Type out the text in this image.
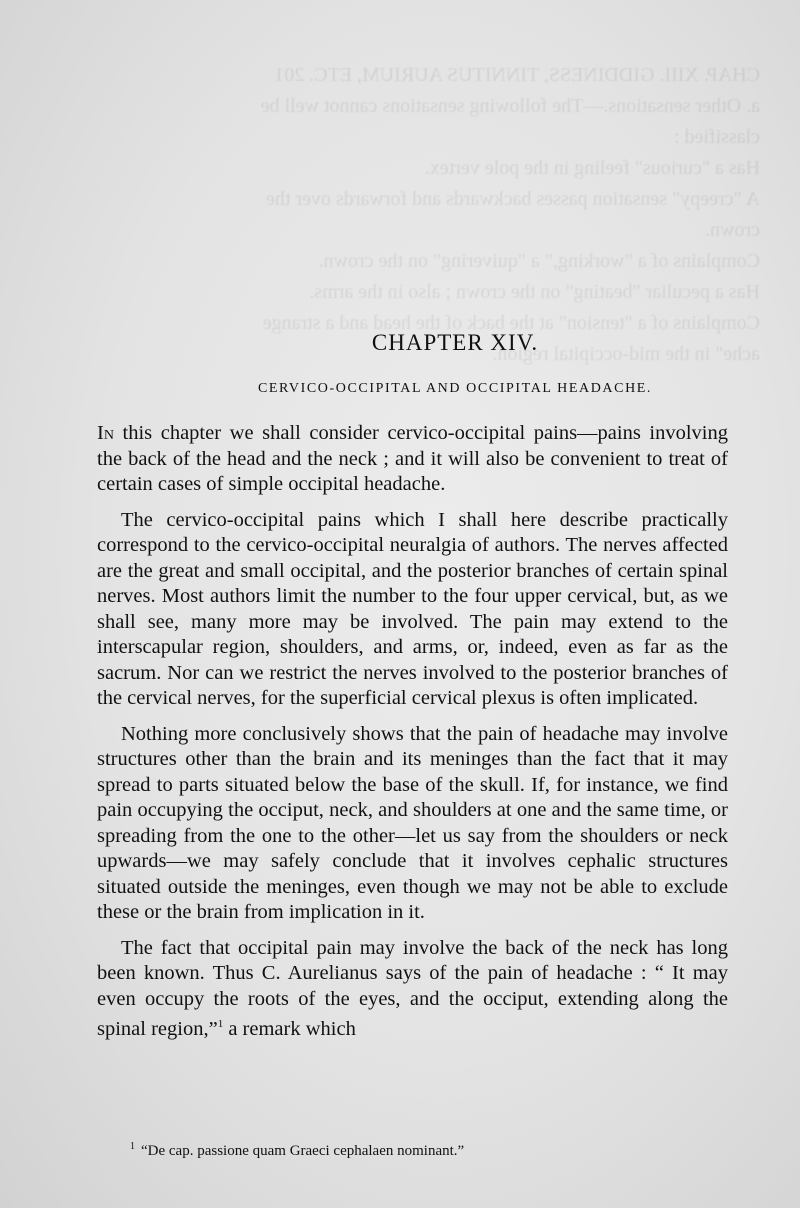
CHAP. XIII. GIDDINESS, TINNITUS AURIUM, ETC. 201
a. Other sensations.—The following sensations cannot well be
classified :
Has a "curious" feeling in the pole vertex.
A "creepy" sensation passes backwards and forwards over the
crown.
Complains of a "working," a "quivering" on the crown.
Has a peculiar "beating" on the crown ; also in the arms.
Complains of a "tension" at the back of the head and a strange
ache" in the mid-occipital region.
CHAPTER XIV.
CERVICO-OCCIPITAL AND OCCIPITAL HEADACHE.

In this chapter we shall consider cervico-occipital pains—pains involving the back of the head and the neck ; and it will also be convenient to treat of certain cases of simple occipital headache.

The cervico-occipital pains which I shall here describe practically correspond to the cervico-occipital neuralgia of authors. The nerves affected are the great and small occipital, and the posterior branches of certain spinal nerves. Most authors limit the number to the four upper cervical, but, as we shall see, many more may be involved. The pain may extend to the interscapular region, shoulders, and arms, or, indeed, even as far as the sacrum. Nor can we restrict the nerves involved to the posterior branches of the cervical nerves, for the superficial cervical plexus is often implicated.

Nothing more conclusively shows that the pain of headache may involve structures other than the brain and its meninges than the fact that it may spread to parts situated below the base of the skull. If, for instance, we find pain occupying the occiput, neck, and shoulders at one and the same time, or spreading from the one to the other—let us say from the shoulders or neck upwards—we may safely conclude that it involves cephalic structures situated outside the meninges, even though we may not be able to exclude these or the brain from implication in it.

The fact that occipital pain may involve the back of the neck has long been known. Thus C. Aurelianus says of the pain of headache : “ It may even occupy the roots of the eyes, and the occiput, extending along the spinal region,”$^1$ a remark which

$^1$ “De cap. passione quam Graeci cephalaen nominant.”
